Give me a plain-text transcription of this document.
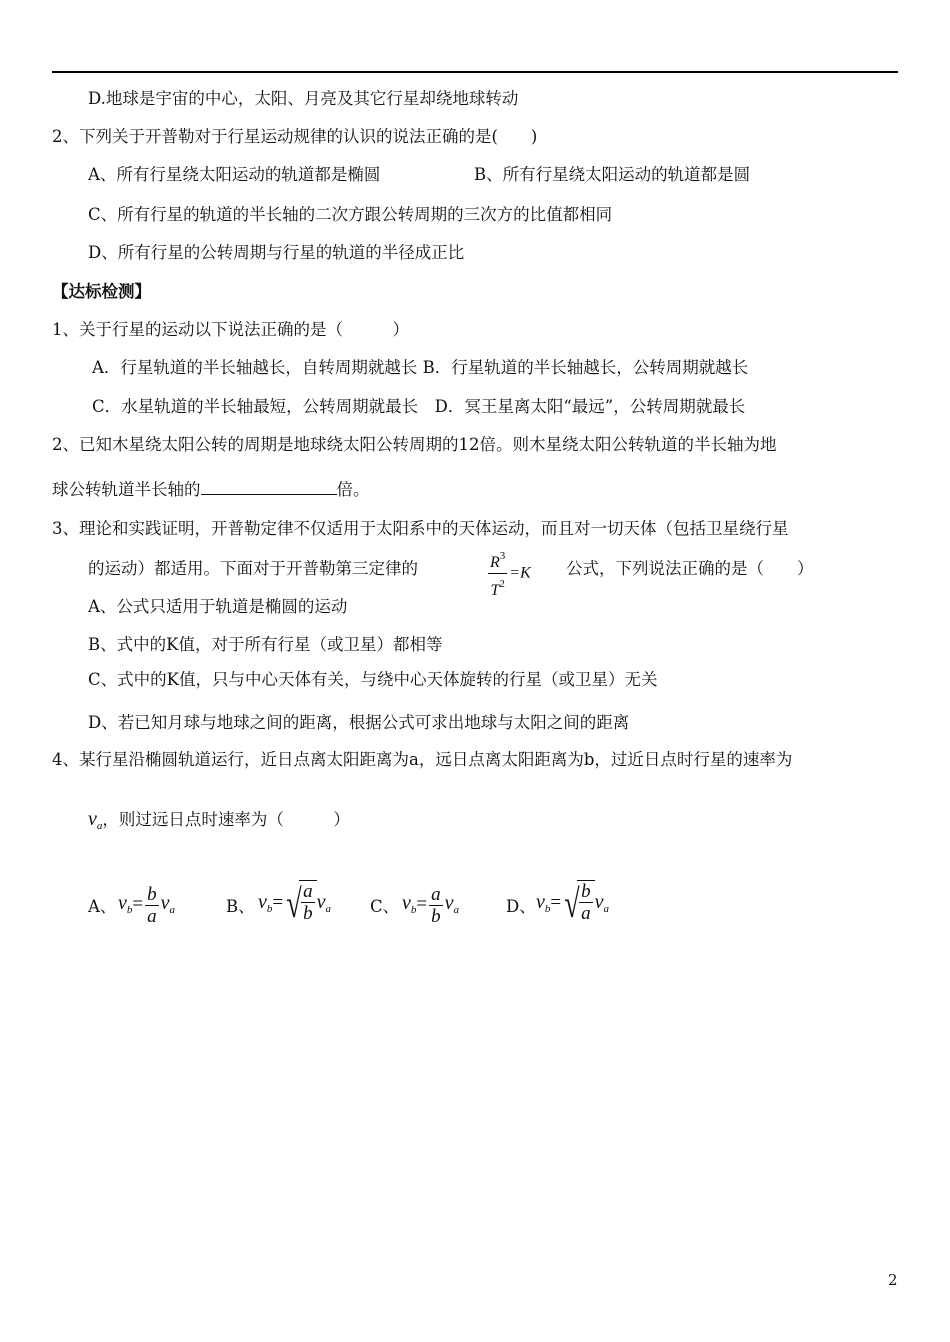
D.地球是宇宙的中心，太阳、月亮及其它行星却绕地球转动
2、下列关于开普勒对于行星运动规律的认识的说法正确的是(　　)
A、所有行星绕太阳运动的轨道都是椭圆	B、所有行星绕太阳运动的轨道都是圆
C、所有行星的轨道的半长轴的二次方跟公转周期的三次方的比值都相同
D、所有行星的公转周期与行星的轨道的半径成正比
【达标检测】
1、关于行星的运动以下说法正确的是（　　　）
A．行星轨道的半长轴越长，自转周期就越长 B．行星轨道的半长轴越长，公转周期就越长
C．水星轨道的半长轴最短，公转周期就最长　D．冥王星离太阳“最远”，公转周期就最长
2、已知木星绕太阳公转的周期是地球绕太阳公转周期的12倍。则木星绕太阳公转轨道的半长轴为地
球公转轨道半长轴的	倍。
3、理论和实践证明，开普勒定律不仅适用于太阳系中的天体运动，而且对一切天体（包括卫星绕行星
的运动）都适用。下面对于开普勒第三定律的	$\frac{R^3}{T^2} =K$ 公式，下列说法正确的是（　　）
A、公式只适用于轨道是椭圆的运动
B、式中的K值，对于所有行星（或卫星）都相等
C、式中的K值，只与中心天体有关，与绕中心天体旋转的行星（或卫星）无关
D、若已知月球与地球之间的距离，根据公式可求出地球与太阳之间的距离
4、某行星沿椭圆轨道运行，近日点离太阳距离为a，远日点离太阳距离为b，过近日点时行星的速率为
$v_a$，则过远日点时速率为（　　　）
A、 $v_b= \frac{b}{a} v_a$	B、 $v_b=√ \frac{a}{b} v_a$ C、 $v_b= \frac{a}{b} v_a$	D、 $v_b=√ \frac{b}{a} v_a$
2
